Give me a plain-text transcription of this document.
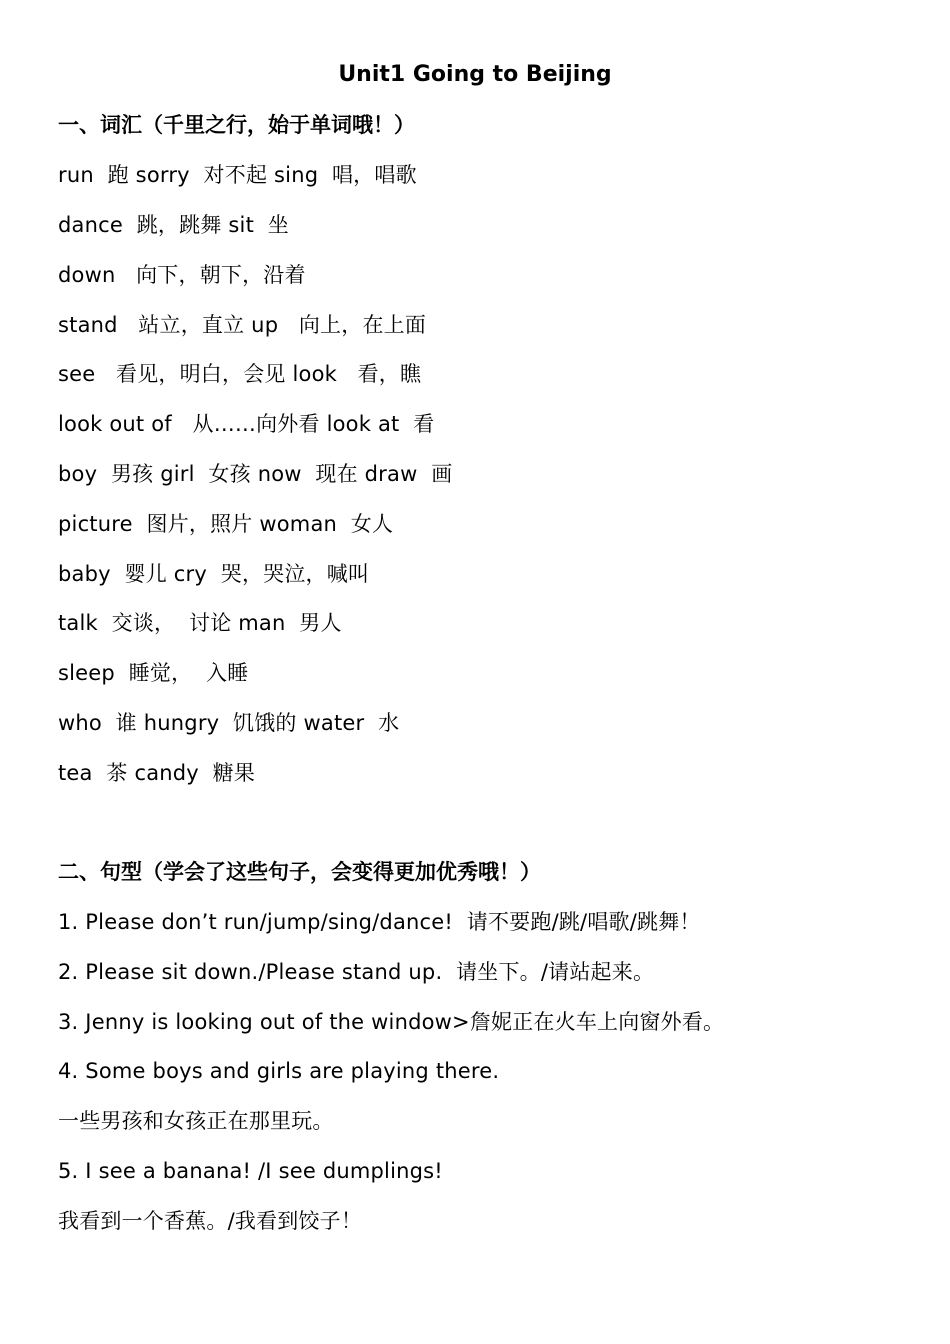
Unit1 Going to Beijing
一、词汇（千里之行，始于单词哦！）
run  跑 sorry  对不起 sing  唱，唱歌
dance  跳，跳舞 sit  坐
down   向下，朝下，沿着
stand   站立，直立 up   向上，在上面
see   看见，明白，会见 look   看，瞧
look out of   从……向外看 look at  看
boy  男孩 girl  女孩 now  现在 draw  画
picture  图片，照片 woman  女人
baby  婴儿 cry  哭，哭泣，喊叫
talk  交谈，  讨论 man  男人
sleep  睡觉，  入睡
who  谁 hungry  饥饿的 water  水
tea  茶 candy  糖果
二、句型（学会了这些句子，会变得更加优秀哦！）
1. Please don’t run/jump/sing/dance!  请不要跑/跳/唱歌/跳舞！
2. Please sit down./Please stand up.  请坐下。/请站起来。
3. Jenny is looking out of the window>詹妮正在火车上向窗外看。
4. Some boys and girls are playing there.
一些男孩和女孩正在那里玩。
5. I see a banana! /I see dumplings!
我看到一个香蕉。/我看到饺子！
